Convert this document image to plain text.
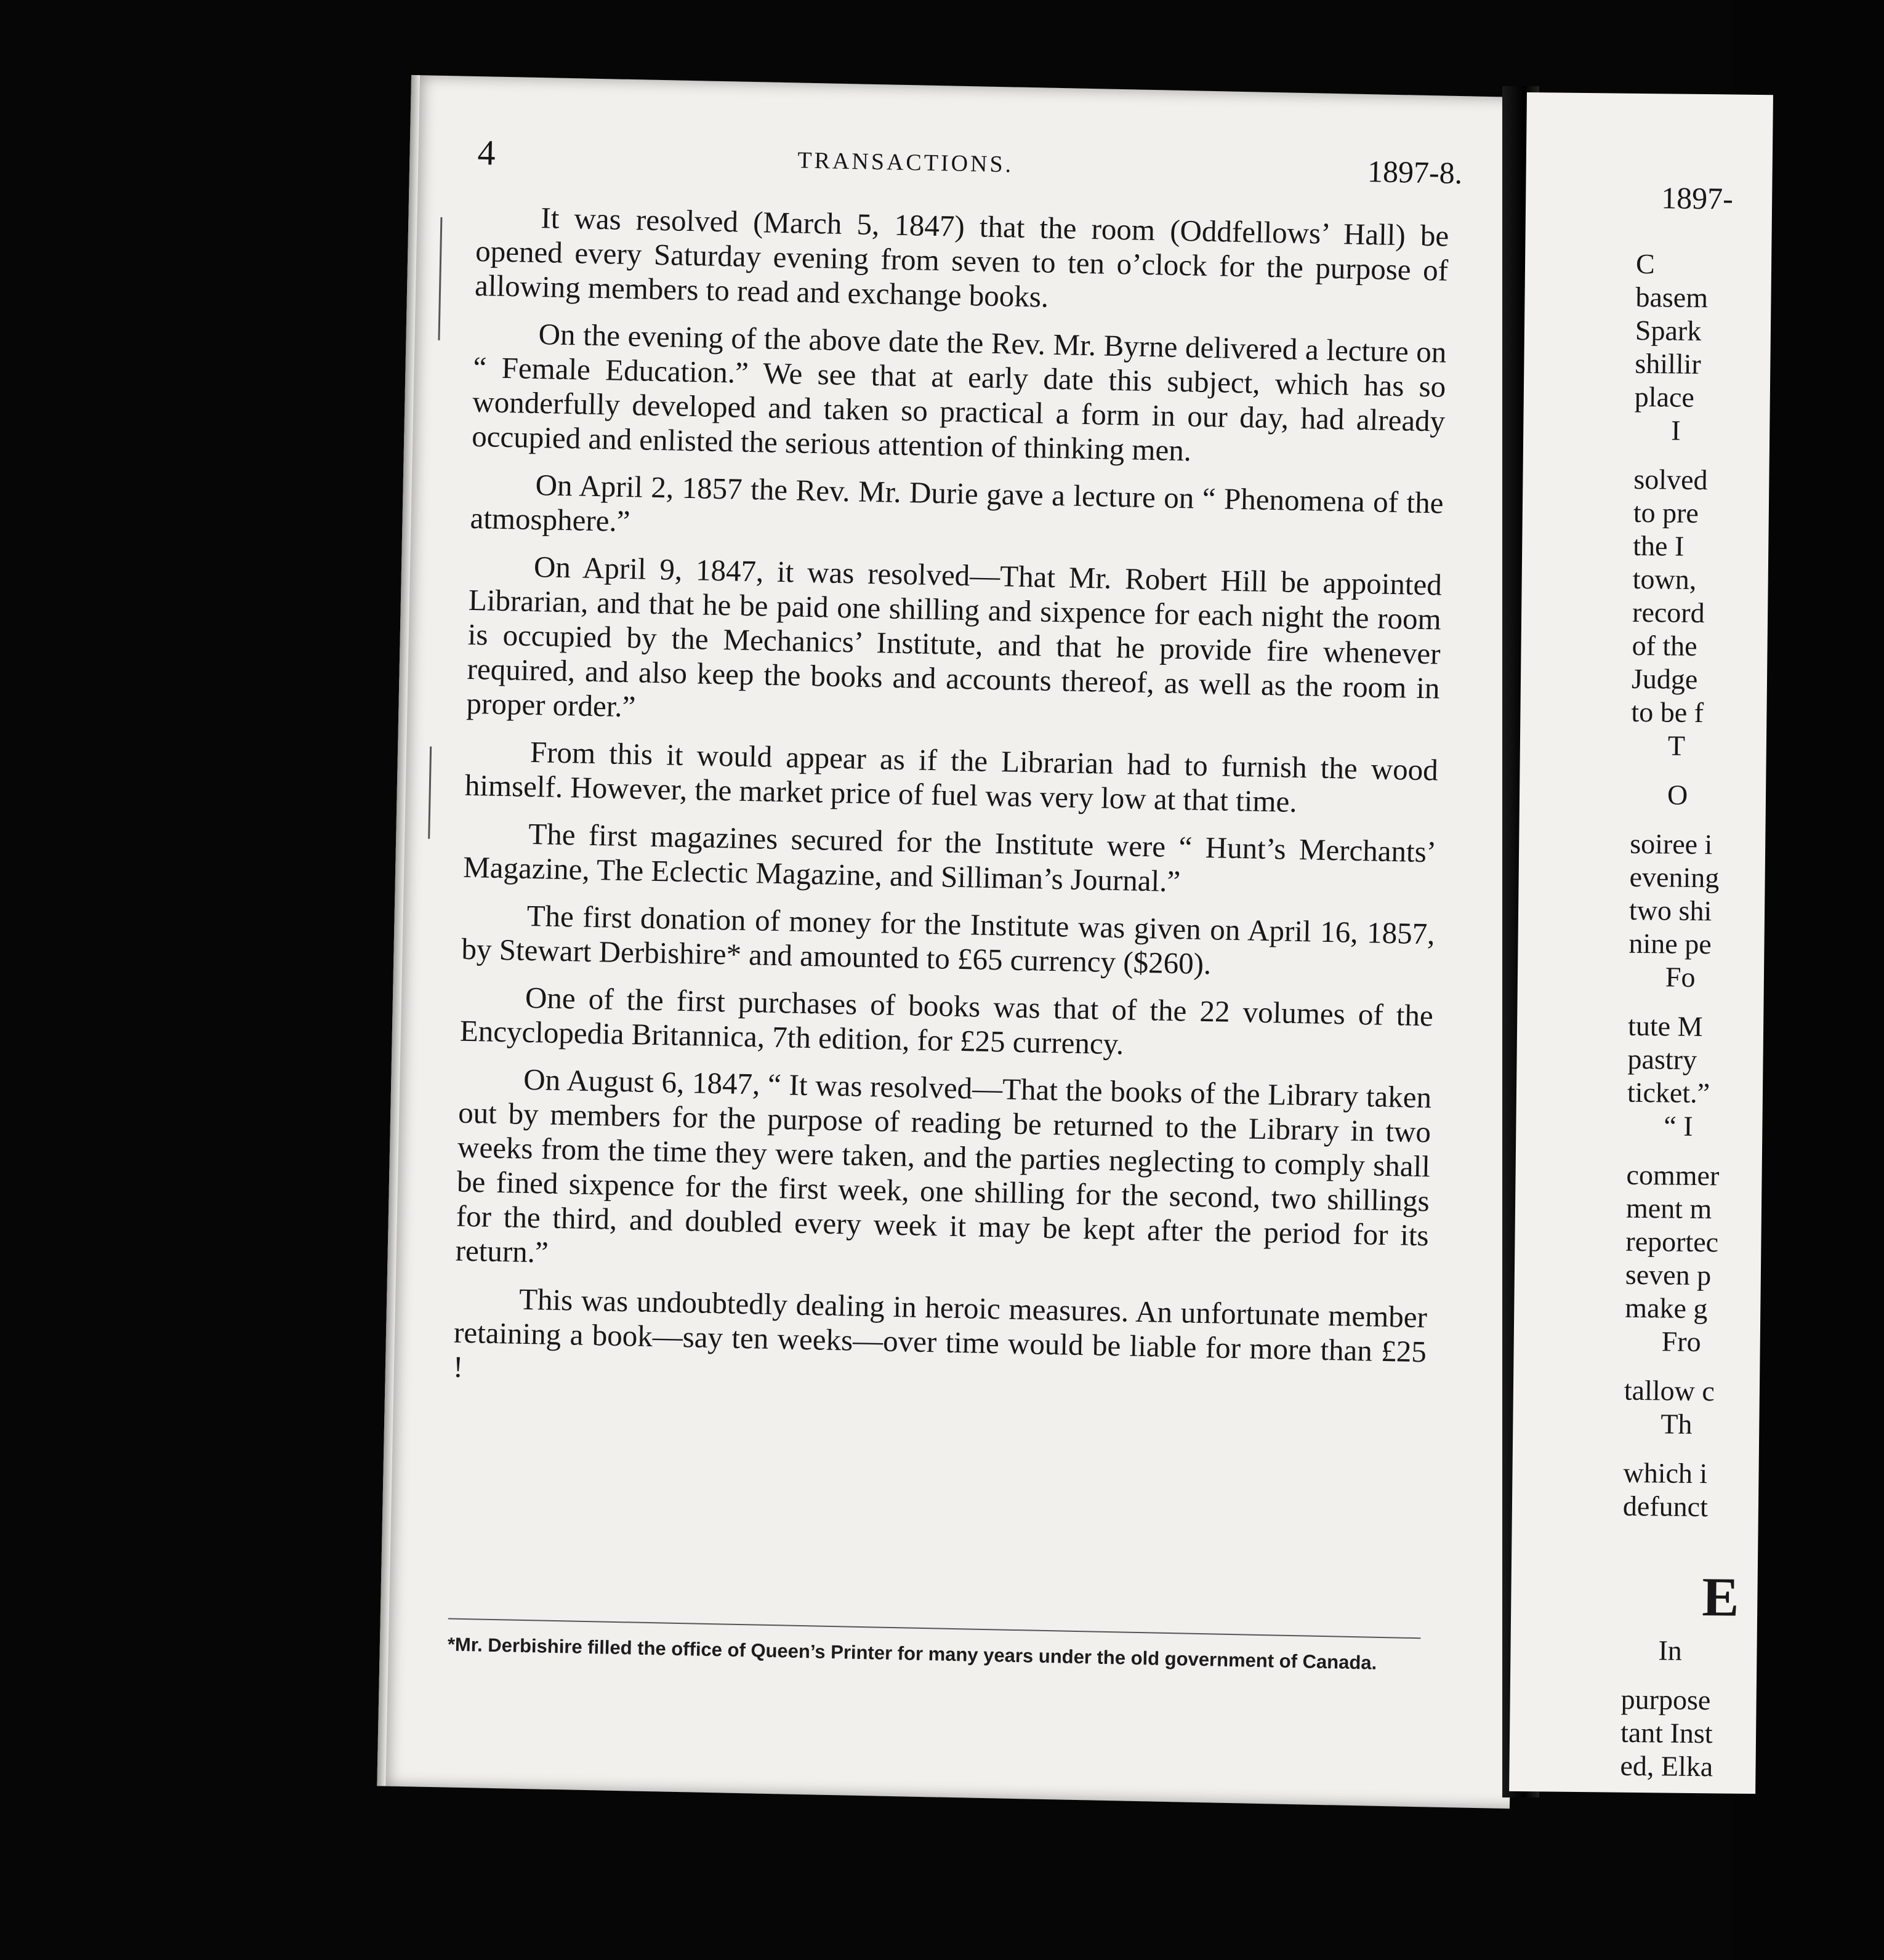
4	TRANSACTIONS.	1897-8.

It was resolved (March 5, 1847) that the room (Oddfellows’ Hall) be opened every Saturday evening from seven to ten o’clock for the purpose of allowing members to read and exchange books.

On the evening of the above date the Rev. Mr. Byrne delivered a lecture on “ Female Education.” We see that at early date this subject, which has so wonderfully developed and taken so practical a form in our day, had already occupied and enlisted the serious attention of thinking men.

On April 2, 1857 the Rev. Mr. Durie gave a lecture on “ Phenomena of the atmosphere.”

On April 9, 1847, it was resolved—That Mr. Robert Hill be appointed Librarian, and that he be paid one shilling and sixpence for each night the room is occupied by the Mechanics’ Institute, and that he provide fire whenever required, and also keep the books and accounts thereof, as well as the room in proper order.”

From this it would appear as if the Librarian had to furnish the wood himself. However, the market price of fuel was very low at that time.

The first magazines secured for the Institute were “ Hunt’s Merchants’ Magazine, The Eclectic Magazine, and Silliman’s Journal.”

The first donation of money for the Institute was given on April 16, 1857, by Stewart Derbishire* and amounted to £65 currency ($260).

One of the first purchases of books was that of the 22 volumes of the Encyclopedia Britannica, 7th edition, for £25 currency.

On August 6, 1847, “ It was resolved—That the books of the Library taken out by members for the purpose of reading be returned to the Library in two weeks from the time they were taken, and the parties neglecting to comply shall be fined sixpence for the first week, one shilling for the second, two shillings for the third, and doubled every week it may be kept after the period for its return.”

This was undoubtedly dealing in heroic measures. An unfortunate member retaining a book—say ten weeks—over time would be liable for more than £25 !

*Mr. Derbishire filled the office of Queen’s Printer for many years under the old government of Canada.
1897-
C
basem
Spark
shillir
place
I
solved
to pre
the I
town,
record
of the
Judge
to be f
T
O
soiree i
evening
two shi
nine pe
Fo
tute M
pastry
ticket.”
“ I
commer
ment m
reportec
seven p
make g
Fro
tallow c
Th
which i
defunct
E
In
purpose
tant Inst
ed, Elka
